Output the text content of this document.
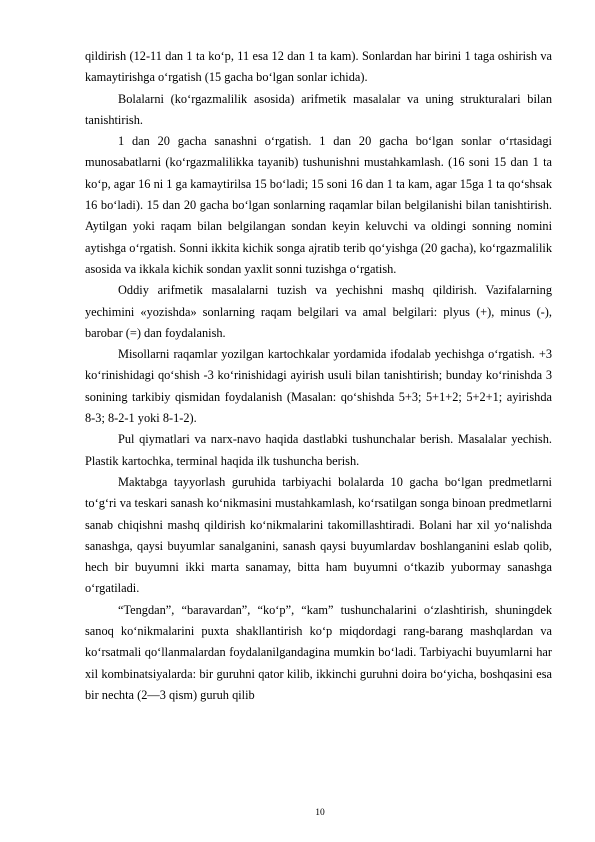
qildirish (12-11 dan 1 ta ko‘p, 11 esa 12 dan 1 ta kam). Sonlardan har birini 1 taga oshirish va kamaytirishga o‘rgatish (15 gacha bo‘lgan sonlar ichida).

Bolalarni (ko‘rgazmalilik asosida) arifmetik masalalar va uning strukturalari bilan tanishtirish.

1 dan 20 gacha sanashni o‘rgatish. 1 dan 20 gacha bo‘lgan sonlar o‘rtasidagi munosabatlarni (ko‘rgazmalilikka tayanib) tushunishni mustahkamlash. (16 soni 15 dan 1 ta ko‘p, agar 16 ni 1 ga kamaytirilsa 15 bo‘ladi; 15 soni 16 dan 1 ta kam, agar 15ga 1 ta qo‘shsak 16 bo‘ladi). 15 dan 20 gacha bo‘lgan sonlarning raqamlar bilan belgilanishi bilan tanishtirish. Aytilgan yoki raqam bilan belgilangan sondan keyin keluvchi va oldingi sonning nomini aytishga o‘rgatish. Sonni ikkita kichik songa ajratib terib qo‘yishga (20 gacha), ko‘rgazmalilik asosida va ikkala kichik sondan yaxlit sonni tuzishga o‘rgatish.

Oddiy arifmetik masalalarni tuzish va yechishni mashq qildirish. Vazifalarning yechimini «yozishda» sonlarning raqam belgilari va amal belgilari: plyus (+), minus (-), barobar (=) dan foydalanish.

Misollarni raqamlar yozilgan kartochkalar yordamida ifodalab yechishga o‘rgatish. +3 ko‘rinishidagi qo‘shish -3 ko‘rinishidagi ayirish usuli bilan tanishtirish; bunday ko‘rinishda 3 sonining tarkibiy qismidan foydalanish (Masalan: qo‘shishda 5+3; 5+1+2; 5+2+1; ayirishda 8-3; 8-2-1 yoki 8-1-2).

Pul qiymatlari va narx-navo haqida dastlabki tushunchalar berish. Masalalar yechish. Plastik kartochka, terminal haqida ilk tushuncha berish.

Maktabga tayyorlash guruhida tarbiyachi bolalarda 10 gacha bo‘lgan predmetlarni to‘g‘ri va teskari sanash ko‘nikmasini mustahkamlash, ko‘rsatilgan songa binoan predmetlarni sanab chiqishni mashq qildirish ko‘nikmalarini takomillashtiradi. Bolani har xil yo‘nalishda sanashga, qaysi buyumlar sanalganini, sanash qaysi buyumlardav boshlanganini eslab qolib, hech bir buyumni ikki marta sanamay, bitta ham buyumni o‘tkazib yubormay sanashga o‘rgatiladi.

“Tengdan”, “baravardan”, “ko‘p”, “kam” tushunchalarini o‘zlashtirish, shuningdek sanoq ko‘nikmalarini puxta shakllantirish ko‘p miqdordagi rang-barang mashqlardan va ko‘rsatmali qo‘llanmalardan foydalanilgandagina mumkin bo‘ladi. Tarbiyachi buyumlarni har xil kombinatsiyalarda: bir guruhni qator kilib, ikkinchi guruhni doira bo‘yicha, boshqasini esa bir nechta (2—3 qism) guruh qilib

10
